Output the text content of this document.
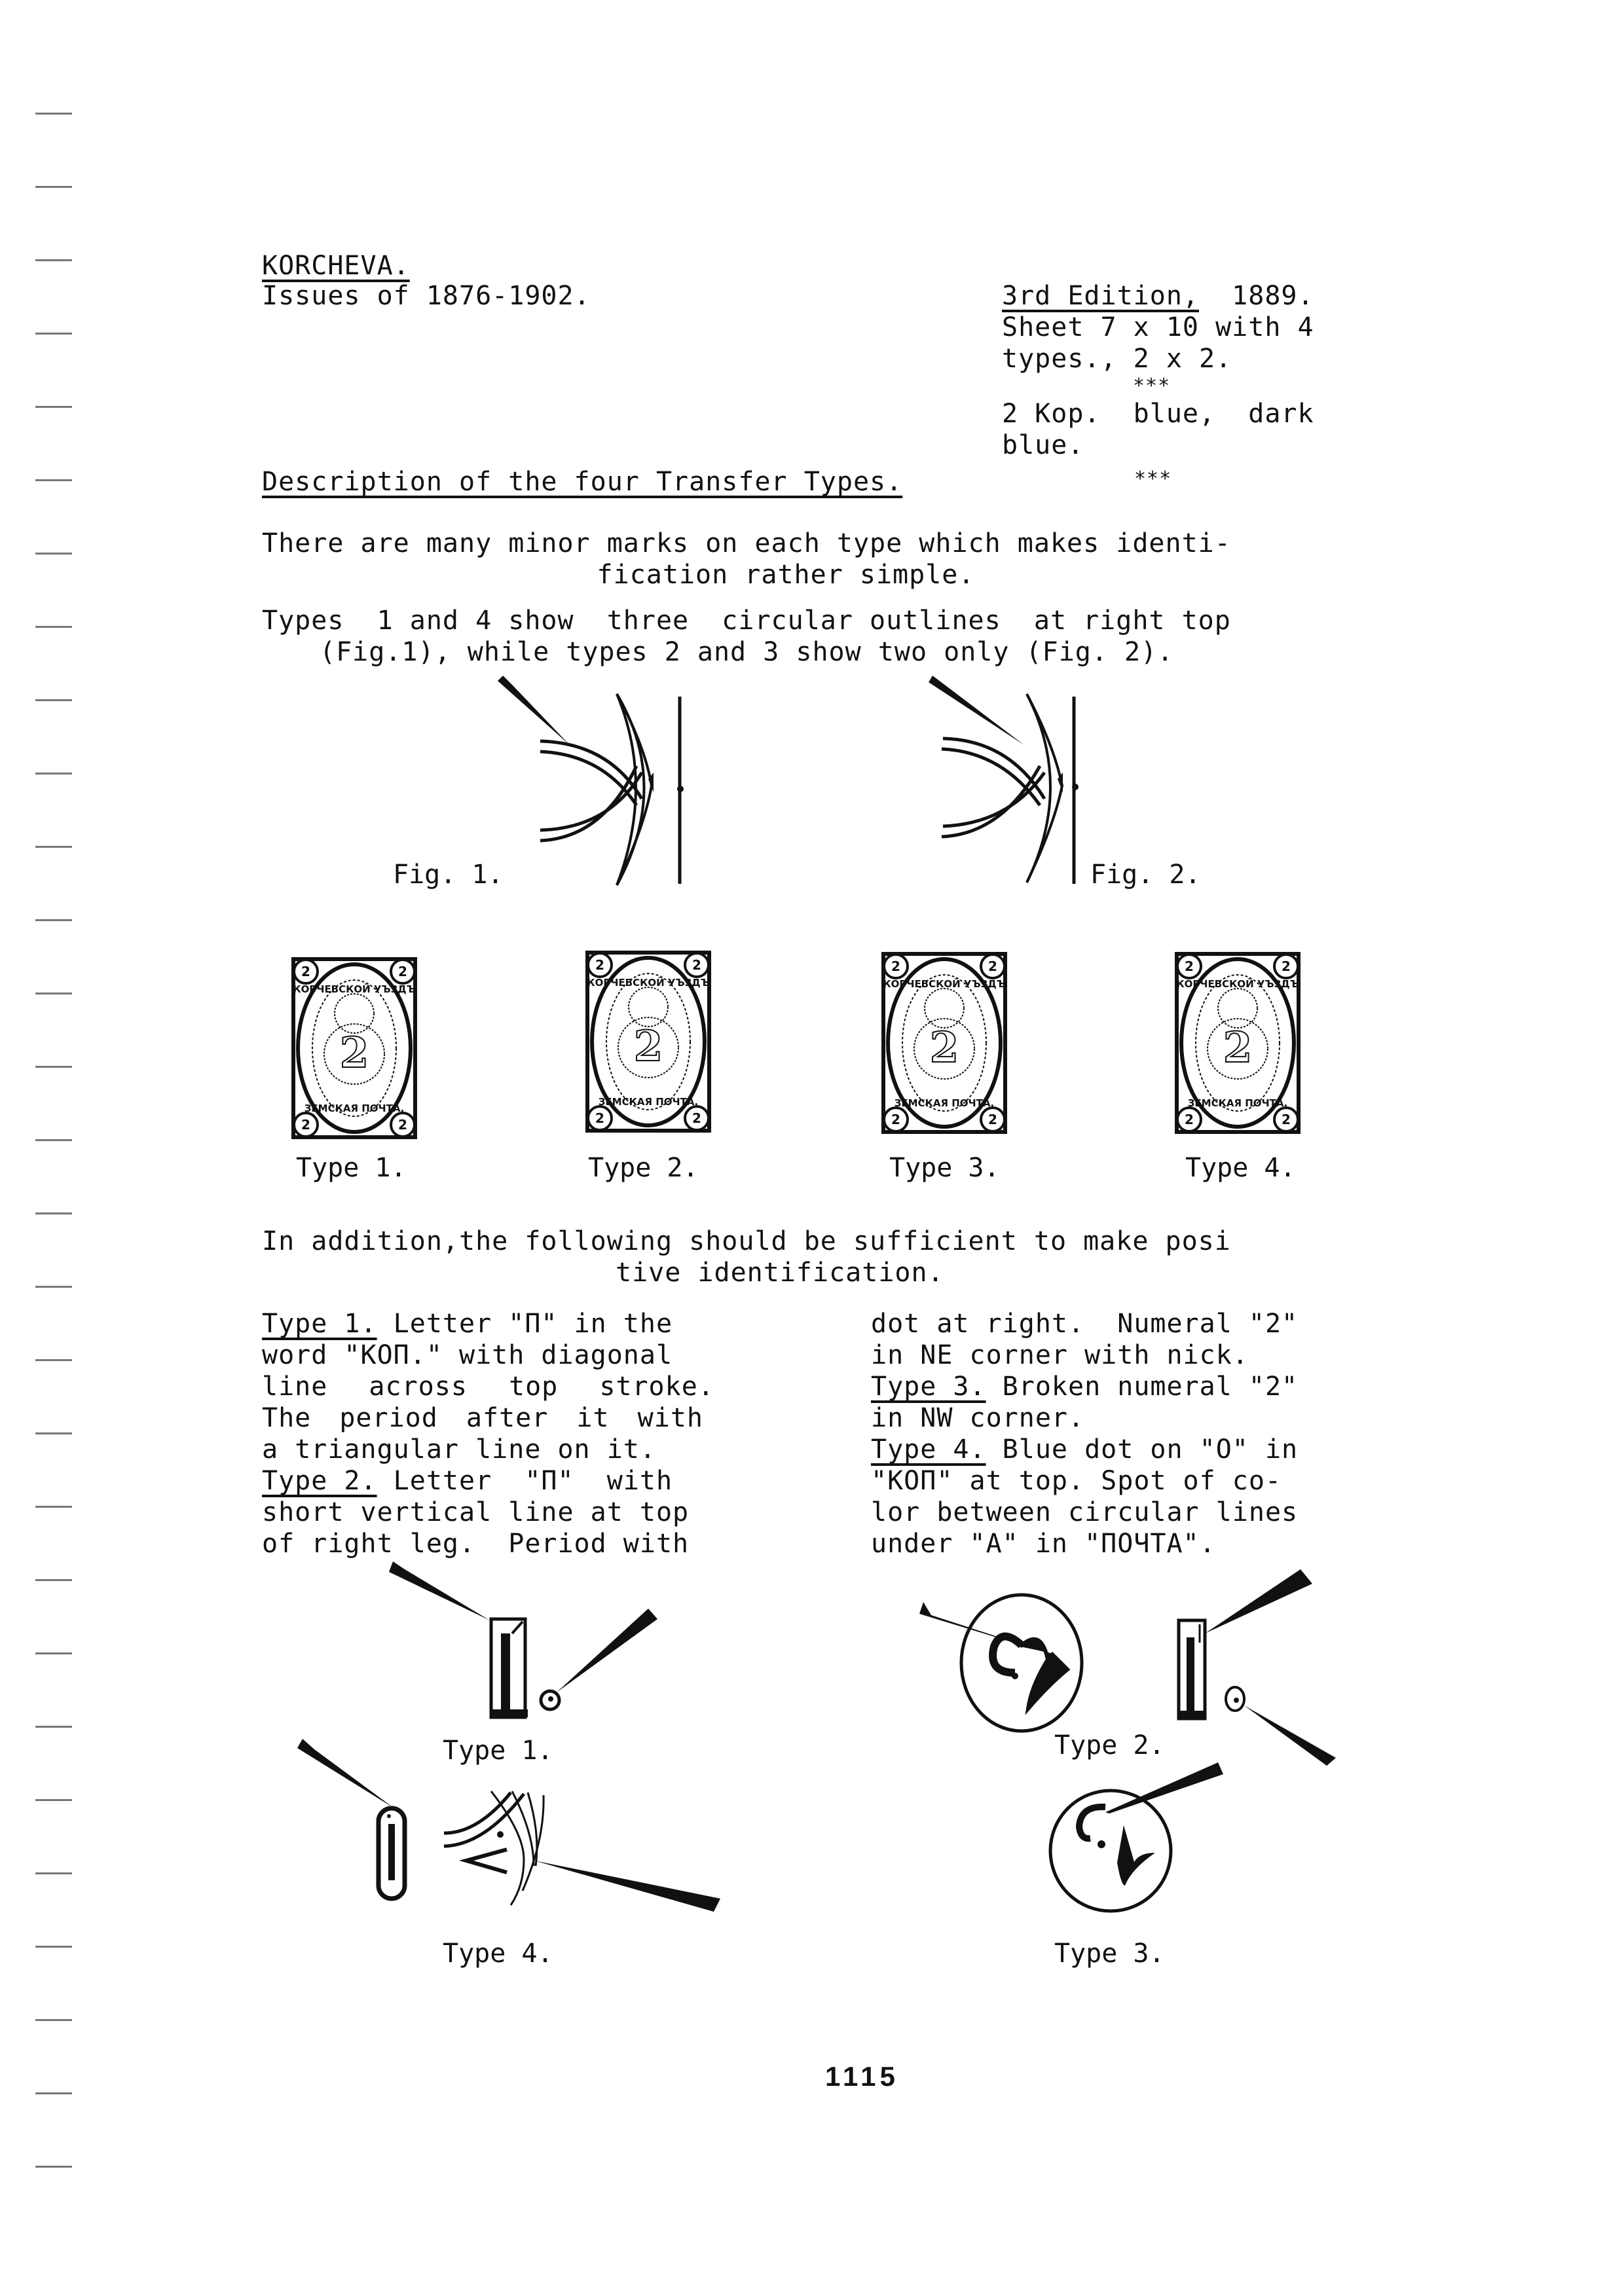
KORCHEVA.
Issues of 1876-1902.	3rd Edition, 1889.
Sheet 7 x 10 with 4
types., 2 x 2.
***
2 Kop.  blue,  dark
blue.
***
Description of the four Transfer Types.
There are many minor marks on each type which makes identi-
fication rather simple.
Types  1 and 4 show  three  circular outlines  at right top
(Fig.1), while types 2 and 3 show two only (Fig. 2).
Fig. 1.	Fig. 2.
2	2
2	2
2
КОРЧЕВСКОЙ УЪЗДЪ
ЗЕМСКАЯ ПОЧТА.
Type 1.
2	2
2	2
2
КОРЧЕВСКОЙ УЪЗДЪ
ЗЕМСКАЯ ПОЧТА.
Type 2.
2	2
2	2
2
КОРЧЕВСКОЙ УЪЗДЪ
ЗЕМСКАЯ ПОЧТА.
Type 3.
2	2
2	2
2
КОРЧЕВСКОЙ УЪЗДЪ
ЗЕМСКАЯ ПОЧТА.
Type 4.
In addition,the following should be sufficient to make posi
tive identification.
Type 1. Letter "П" in the
word "КОП." with diagonal
line across top stroke.
The period after it with
a triangular line on it.
Type 2. Letter  "П"  with
short vertical line at top
of right leg.  Period with
dot at right.  Numeral "2"
in NE corner with nick.
Type 3. Broken numeral "2"
in NW corner.
Type 4. Blue dot on "O" in
"КОП" at top. Spot of co-
lor between circular lines
under "A" in "ПОЧТА".
Type 1.	Type 2.
Type 4.	Type 3.
1115
